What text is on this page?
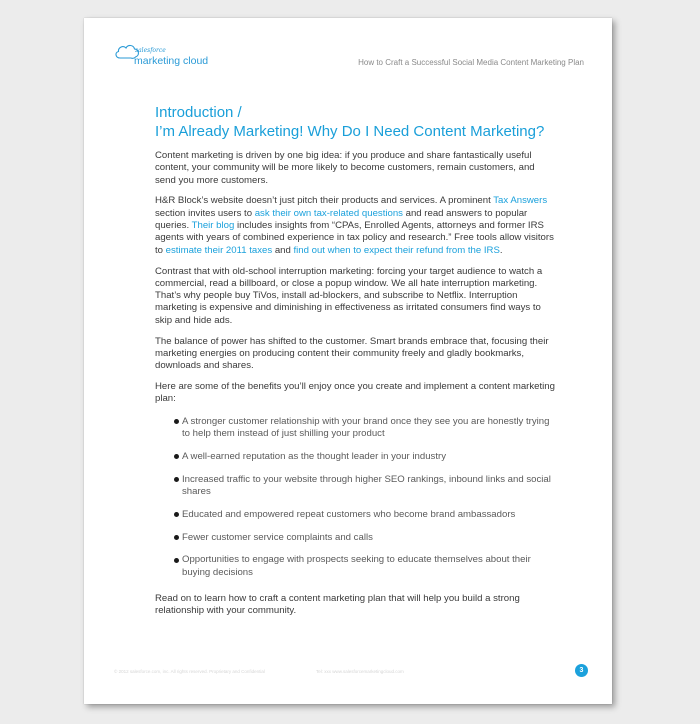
salesforce
marketing cloud	How to Craft a Successful Social Media Content Marketing Plan
Introduction /
I’m Already Marketing! Why Do I Need Content Marketing?

Content marketing is driven by one big idea: if you produce and share fantastically useful content, your community will be more likely to become customers, remain customers, and send you more customers.

H&R Block’s website doesn’t just pitch their products and services. A prominent Tax Answers section invites users to ask their own tax-related questions and read answers to popular queries. Their blog includes insights from “CPAs, Enrolled Agents, attorneys and former IRS agents with years of combined experience in tax policy and research.” Free tools allow visitors to estimate their 2011 taxes and find out when to expect their refund from the IRS.

Contrast that with old-school interruption marketing: forcing your target audience to watch a commercial, read a billboard, or close a popup window. We all hate interruption marketing. That’s why people buy TiVos, install ad-blockers, and subscribe to Netflix. Interruption marketing is expensive and diminishing in effectiveness as irritated consumers find ways to skip and hide ads.

The balance of power has shifted to the customer. Smart brands embrace that, focusing their marketing energies on producing content their community freely and gladly bookmarks, downloads and shares.

Here are some of the benefits you’ll enjoy once you create and implement a content marketing plan:

A stronger customer relationship with your brand once they see you are honestly trying to help them instead of just shilling your product
A well-earned reputation as the thought leader in your industry
Increased traffic to your website through higher SEO rankings, inbound links and social shares
Educated and empowered repeat customers who become brand ambassadors
Fewer customer service complaints and calls
Opportunities to engage with prospects seeking to educate themselves about their buying decisions

Read on to learn how to craft a content marketing plan that will help you build a strong relationship with your community.

© 2012 salesforce.com, inc. All rights reserved. Proprietary and Confidential	Tel: xxx www.salesforcemarketingcloud.com	3
